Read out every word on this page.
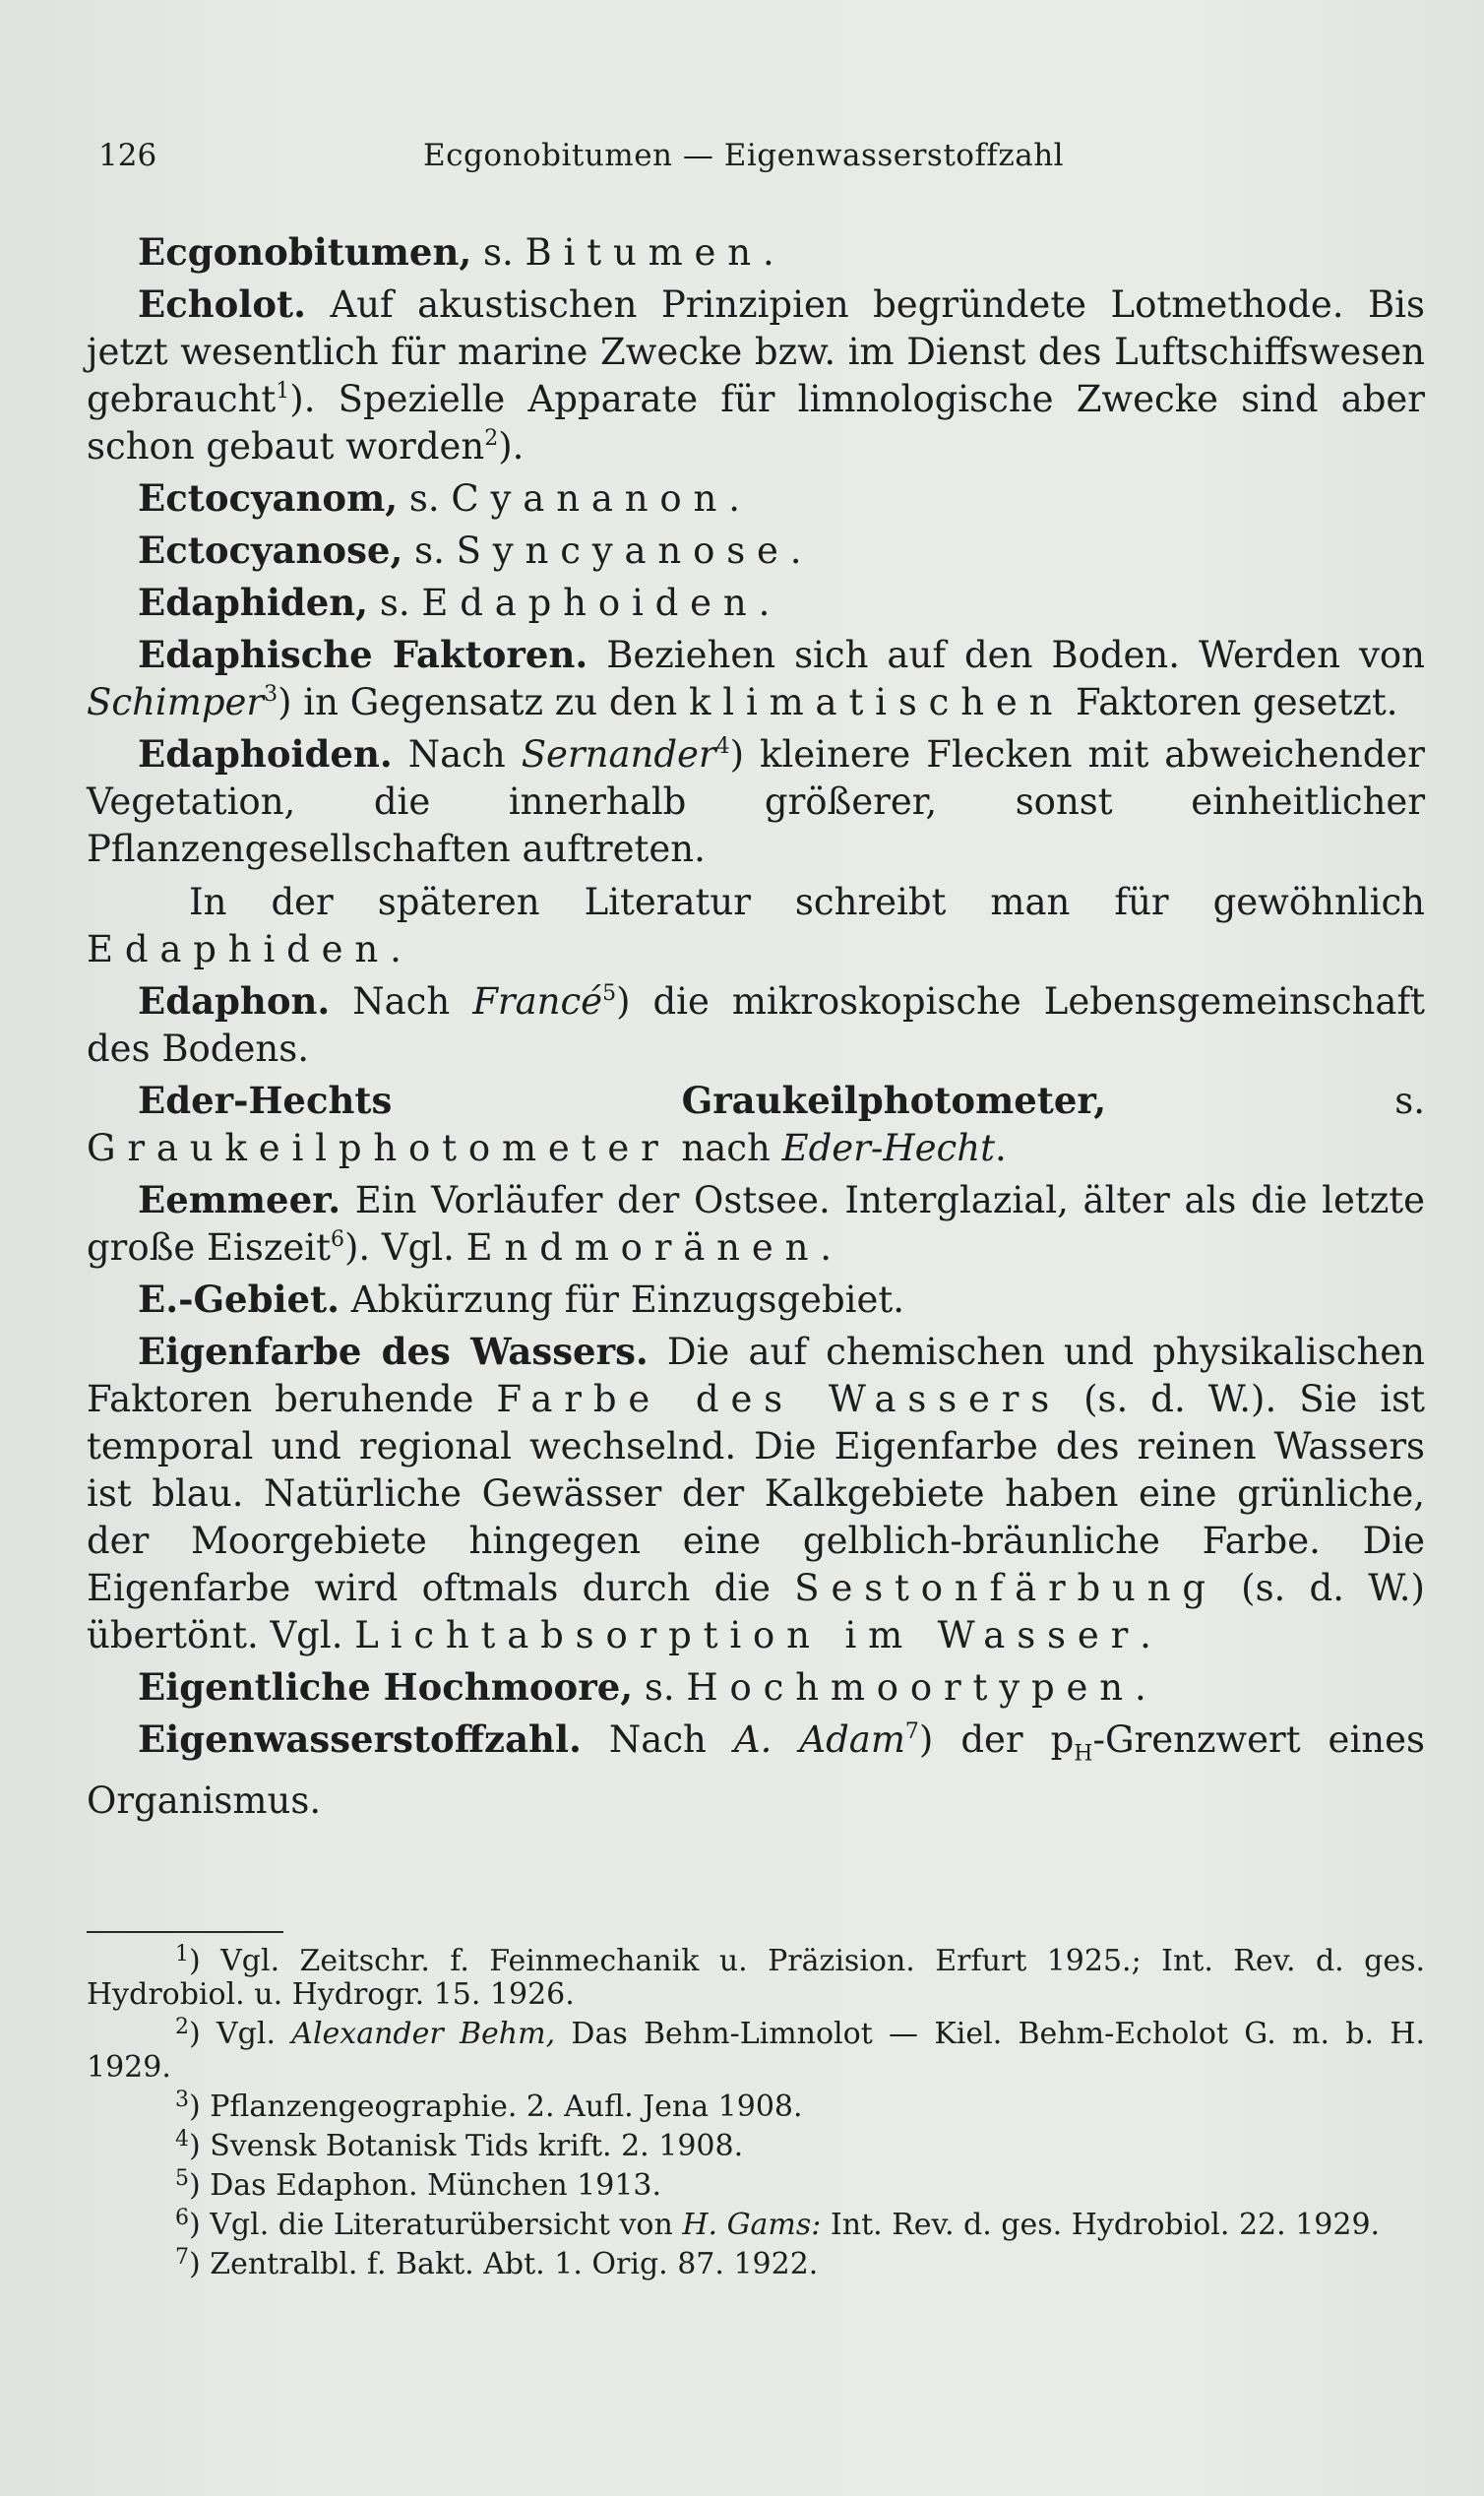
126	Ecgonobitumen — Eigenwasserstoffzahl

Ecgonobitumen, s. Bitumen.

Echolot. Auf akustischen Prinzipien begründete Lotmethode. Bis jetzt wesentlich für marine Zwecke bzw. im Dienst des Luftschiffswesen gebraucht$^1$). Spezielle Apparate für limnologische Zwecke sind aber schon gebaut worden$^2$).

Ectocyanom, s. Cyananon.

Ectocyanose, s. Syncyanose.

Edaphiden, s. Edaphoiden.

Edaphische Faktoren. Beziehen sich auf den Boden. Werden von Schimper$^3$) in Gegensatz zu den klimatischen Faktoren gesetzt.

Edaphoiden. Nach Sernander$^4$) kleinere Flecken mit abweichender Vegetation, die innerhalb größerer, sonst einheitlicher Pflanzengesellschaften auftreten.

In der späteren Literatur schreibt man für gewöhnlich Edaphiden.

Edaphon. Nach Francé$^5$) die mikroskopische Lebensgemeinschaft des Bodens.

Eder-Hechts Graukeilphotometer, s. Graukeilphotometer nach Eder-Hecht.

Eemmeer. Ein Vorläufer der Ostsee. Interglazial, älter als die letzte große Eiszeit$^6$). Vgl. Endmoränen.

E.-Gebiet. Abkürzung für Einzugsgebiet.

Eigenfarbe des Wassers. Die auf chemischen und physikalischen Faktoren beruhende Farbe des Wassers (s. d. W.). Sie ist temporal und regional wechselnd. Die Eigenfarbe des reinen Wassers ist blau. Natürliche Gewässer der Kalkgebiete haben eine grünliche, der Moorgebiete hingegen eine gelblich-bräunliche Farbe. Die Eigenfarbe wird oftmals durch die Sestonfärbung (s. d. W.) übertönt. Vgl. Lichtabsorption im Wasser.

Eigentliche Hochmoore, s. Hochmoortypen.

Eigenwasserstoffzahl. Nach A. Adam$^7$) der $p_H$-Grenzwert eines Organismus.

$^1$) Vgl. Zeitschr. f. Feinmechanik u. Präzision. Erfurt 1925.; Int. Rev. d. ges. Hydrobiol. u. Hydrogr. 15. 1926.

$^2$) Vgl. Alexander Behm, Das Behm-Limnolot — Kiel. Behm-Echolot G. m. b. H. 1929.

$^3$) Pflanzengeographie. 2. Aufl. Jena 1908.

$^4$) Svensk Botanisk Tids krift. 2. 1908.

$^5$) Das Edaphon. München 1913.

$^6$) Vgl. die Literaturübersicht von H. Gams: Int. Rev. d. ges. Hydrobiol. 22. 1929.

$^7$) Zentralbl. f. Bakt. Abt. 1. Orig. 87. 1922.
